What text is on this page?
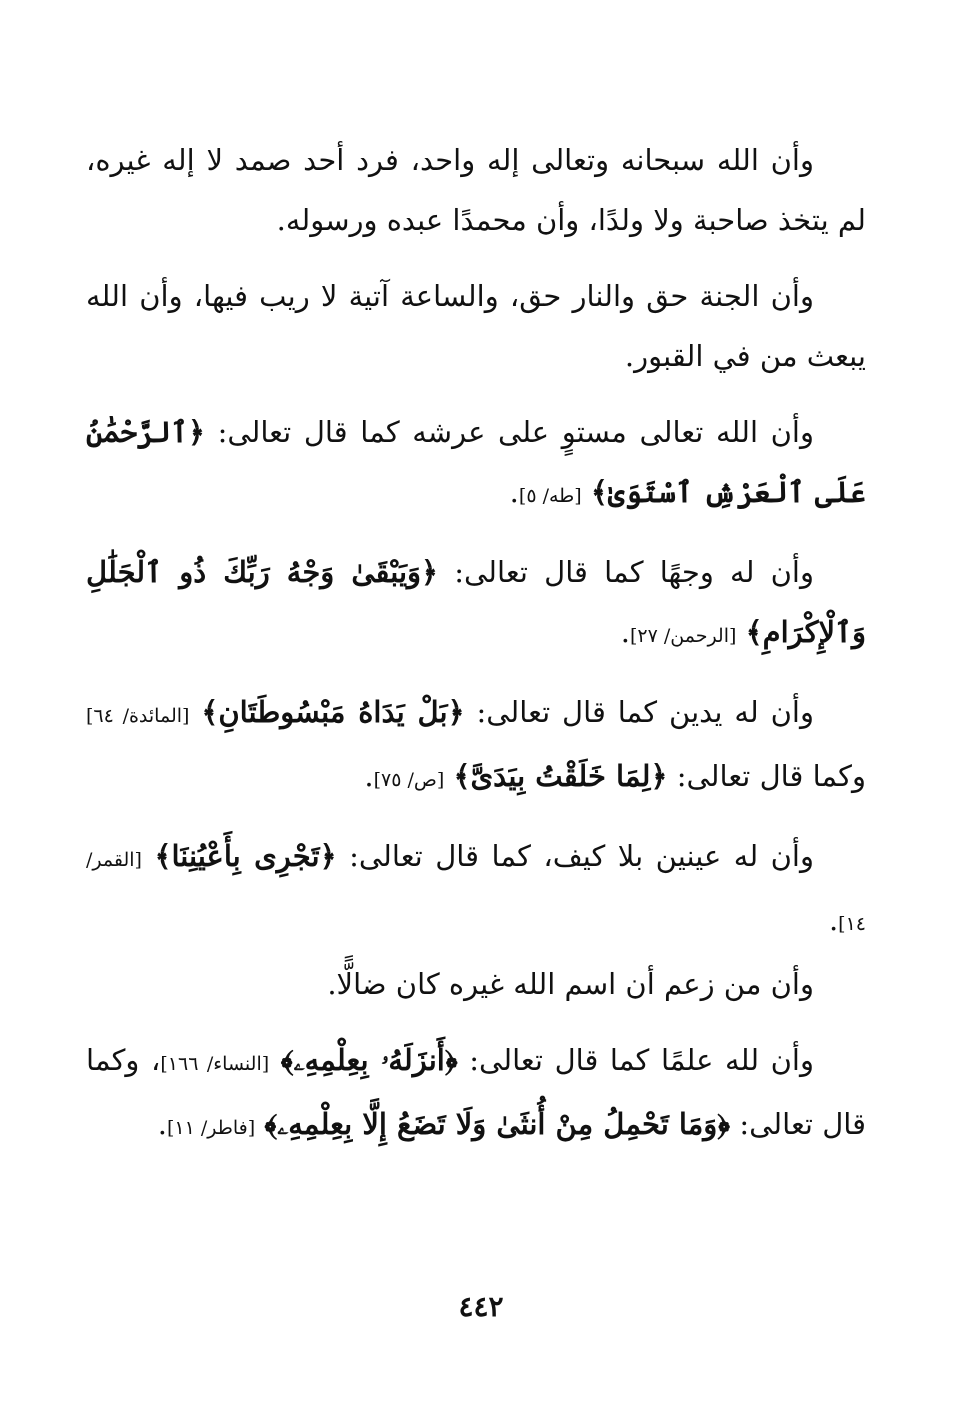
وأن الله سبحانه وتعالى إله واحد، فرد أحد صمد لا إله غيره، لم يتخذ صاحبة ولا ولدًا، وأن محمدًا عبده ورسوله.

وأن الجنة حق والنار حق، والساعة آتية لا ريب فيها، وأن الله يبعث من في القبور.

وأن الله تعالى مستوٍ على عرشه كما قال تعالى: ﴿ٱلرَّحْمَٰنُ عَلَى ٱلْعَرْشِ ٱسْتَوَىٰ﴾ [طه/ ٥].

وأن له وجهًا كما قال تعالى: ﴿وَيَبْقَىٰ وَجْهُ رَبِّكَ ذُو ٱلْجَلَٰلِ وَٱلْإِكْرَامِ﴾ [الرحمن/ ٢٧].

وأن له يدين كما قال تعالى: ﴿بَلْ يَدَاهُ مَبْسُوطَتَانِ﴾ [المائدة/ ٦٤] وكما قال تعالى: ﴿لِمَا خَلَقْتُ بِيَدَىَّ﴾ [ص/ ٧٥].

وأن له عينين بلا كيف، كما قال تعالى: ﴿تَجْرِى بِأَعْيُنِنَا﴾ [القمر/ ١٤].

وأن من زعم أن اسم الله غيره كان ضالًّا.

وأن لله علمًا كما قال تعالى: ﴿أَنزَلَهُۥ بِعِلْمِهِۦ﴾ [النساء/ ١٦٦]، وكما قال تعالى: ﴿وَمَا تَحْمِلُ مِنْ أُنثَىٰ وَلَا تَضَعُ إِلَّا بِعِلْمِهِۦ﴾ [فاطر/ ١١].

٤٤٢
